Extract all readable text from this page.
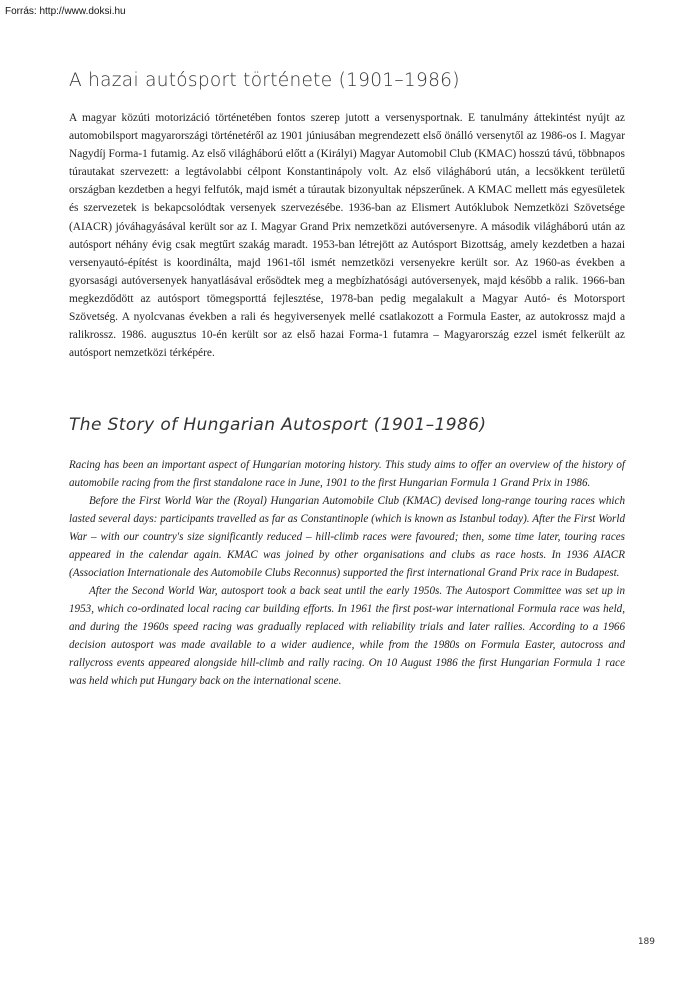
Forrás: http://www.doksi.hu
A hazai autósport története (1901–1986)

A magyar közúti motorizáció történetében fontos szerep jutott a versenysportnak. E tanulmány áttekintést nyújt az automobilsport magyarországi történetéről az 1901 júniusában megrendezett első önálló versenytől az 1986-os I. Magyar Nagydíj Forma-1 futamig. Az első világháború előtt a (Királyi) Magyar Automobil Club (KMAC) hosszú távú, többnapos túrautakat szervezett: a legtávolabbi célpont Konstantinápoly volt. Az első világháború után, a lecsökkent területű országban kezdetben a hegyi felfutók, majd ismét a túrautak bizonyultak népszerűnek. A KMAC mellett más egyesületek és szervezetek is bekapcsolódtak versenyek szervezésébe. 1936-ban az Elismert Autóklubok Nemzetközi Szövetsége (AIACR) jóváhagyásával került sor az I. Magyar Grand Prix nemzetközi autóversenyre. A második világháború után az autósport néhány évig csak megtűrt szakág maradt. 1953-ban létrejött az Autósport Bizottság, amely kezdetben a hazai versenyautó-építést is koordinálta, majd 1961-től ismét nemzetközi versenyekre került sor. Az 1960-as években a gyorsasági autóversenyek hanyatlásával erősödtek meg a megbízhatósági autóversenyek, majd később a ralik. 1966-ban megkezdődött az autósport tömegsporttá fejlesztése, 1978-ban pedig megalakult a Magyar Autó- és Motorsport Szövetség. A nyolcvanas években a rali és hegyiversenyek mellé csatlakozott a Formula Easter, az autokrossz majd a ralikrossz. 1986. augusztus 10-én került sor az első hazai Forma-1 futamra – Magyarország ezzel ismét felkerült az autósport nemzetközi térképére.

The Story of Hungarian Autosport (1901–1986)

Racing has been an important aspect of Hungarian motoring history. This study aims to offer an overview of the history of automobile racing from the first standalone race in June, 1901 to the first Hungarian Formula 1 Grand Prix in 1986.

Before the First World War the (Royal) Hungarian Automobile Club (KMAC) devised long-range touring races which lasted several days: participants travelled as far as Constantinople (which is known as Istanbul today). After the First World War – with our country's size significantly reduced – hill-climb races were favoured; then, some time later, touring races appeared in the calendar again. KMAC was joined by other organisations and clubs as race hosts. In 1936 AIACR (Association Internationale des Automobile Clubs Reconnus) supported the first international Grand Prix race in Budapest.

After the Second World War, autosport took a back seat until the early 1950s. The Autosport Committee was set up in 1953, which co-ordinated local racing car building efforts. In 1961 the first post-war international Formula race was held, and during the 1960s speed racing was gradually replaced with reliability trials and later rallies. According to a 1966 decision autosport was made available to a wider audience, while from the 1980s on Formula Easter, autocross and rallycross events appeared alongside hill-climb and rally racing. On 10 August 1986 the first Hungarian Formula 1 race was held which put Hungary back on the international scene.

189
